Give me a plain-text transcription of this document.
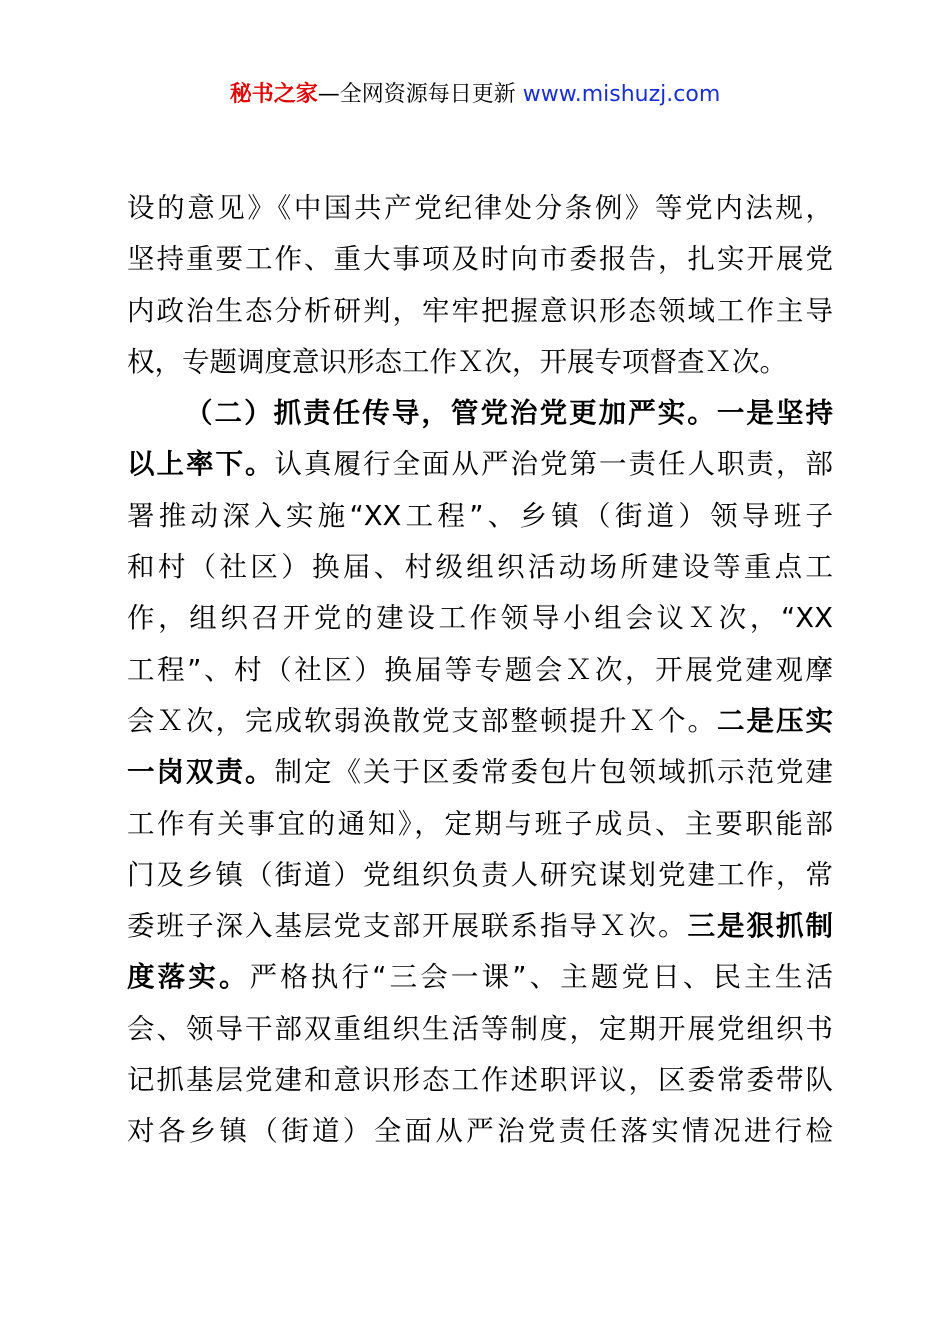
秘书之家—全网资源每日更新 www.mishuzj.com
设的意见》《中国共产党纪律处分条例》等党内法规，
坚持重要工作、重大事项及时向市委报告，扎实开展党
内政治生态分析研判，牢牢把握意识形态领域工作主导
权，专题调度意识形态工作Ｘ次，开展专项督查Ｘ次。
（二）抓责任传导，管党治党更加严实。一是坚持
以上率下。认真履行全面从严治党第一责任人职责，部
署推动深入实施“XX工程”、乡镇（街道）领导班子
和村（社区）换届、村级组织活动场所建设等重点工
作，组织召开党的建设工作领导小组会议Ｘ次，“XX
工程”、村（社区）换届等专题会Ｘ次，开展党建观摩
会Ｘ次，完成软弱涣散党支部整顿提升Ｘ个。二是压实
一岗双责。制定《关于区委常委包片包领域抓示范党建
工作有关事宜的通知》，定期与班子成员、主要职能部
门及乡镇（街道）党组织负责人研究谋划党建工作，常
委班子深入基层党支部开展联系指导Ｘ次。三是狠抓制
度落实。严格执行“三会一课”、主题党日、民主生活
会、领导干部双重组织生活等制度，定期开展党组织书
记抓基层党建和意识形态工作述职评议，区委常委带队
对各乡镇（街道）全面从严治党责任落实情况进行检
